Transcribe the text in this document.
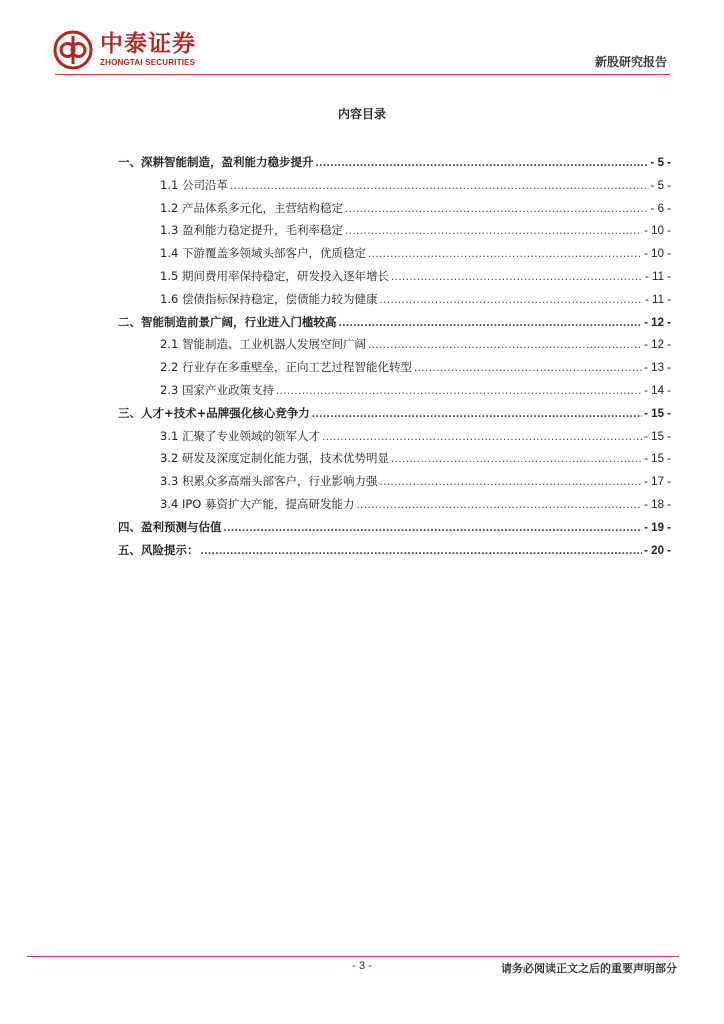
中泰证券
ZHONGTAI SECURITIES	新股研究报告
内容目录
一、深耕智能制造，盈利能力稳步提升 .....	- 5 -
1.1 公司沿革 .....	- 5 -
1.2 产品体系多元化，主营结构稳定 .....	- 6 -
1.3 盈利能力稳定提升，毛利率稳定 .....	- 10 -
1.4 下游覆盖多领域头部客户，优质稳定 .....	- 10 -
1.5 期间费用率保持稳定，研发投入逐年增长 .....	- 11 -
1.6 偿债指标保持稳定，偿债能力较为健康 .....	- 11 -
二、智能制造前景广阔，行业进入门槛较高 .....	- 12 -
2.1 智能制造、工业机器人发展空间广阔 .....	- 12 -
2.2 行业存在多重壁垒，正向工艺过程智能化转型 .....	- 13 -
2.3 国家产业政策支持 .....	- 14 -
三、人才+技术+品牌强化核心竞争力 .....	- 15 -
3.1 汇聚了专业领域的领军人才 .....	- 15 -
3.2 研发及深度定制化能力强，技术优势明显 .....	- 15 -
3.3 积累众多高端头部客户，行业影响力强 .....	- 17 -
3.4 IPO 募资扩大产能，提高研发能力 .....	- 18 -
四、盈利预测与估值 .....	- 19 -
五、风险提示： .....	- 20 -
- 3 -	请务必阅读正文之后的重要声明部分
